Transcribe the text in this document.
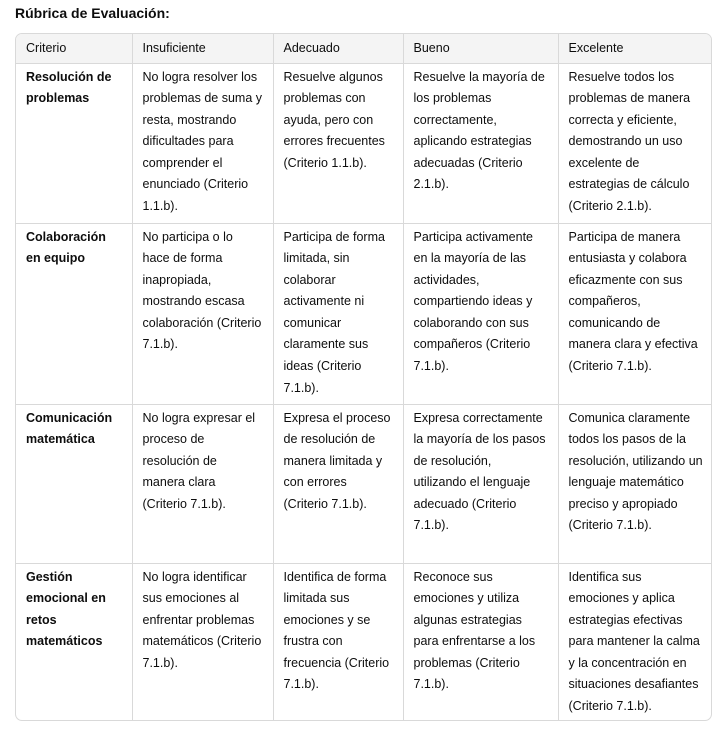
Rúbrica de Evaluación:
Criterio	Insuficiente	Adecuado	Bueno	Excelente
Resolución de problemas	No logra resolver los problemas de suma y resta, mostrando dificultades para comprender el enunciado (Criterio 1.1.b).	Resuelve algunos problemas con ayuda, pero con errores frecuentes (Criterio 1.1.b).	Resuelve la mayoría de los problemas correctamente, aplicando estrategias adecuadas (Criterio 2.1.b).	Resuelve todos los problemas de manera correcta y eficiente, demostrando un uso excelente de estrategias de cálculo (Criterio 2.1.b).
Colaboración en equipo	No participa o lo hace de forma inapropiada, mostrando escasa colaboración (Criterio 7.1.b).	Participa de forma limitada, sin colaborar activamente ni comunicar claramente sus ideas (Criterio 7.1.b).	Participa activamente en la mayoría de las actividades, compartiendo ideas y colaborando con sus compañeros (Criterio 7.1.b).	Participa de manera entusiasta y colabora eficazmente con sus compañeros, comunicando de manera clara y efectiva (Criterio 7.1.b).
Comunicación matemática	No logra expresar el proceso de resolución de manera clara (Criterio 7.1.b).	Expresa el proceso de resolución de manera limitada y con errores (Criterio 7.1.b).	Expresa correctamente la mayoría de los pasos de resolución, utilizando el lenguaje adecuado (Criterio 7.1.b).	Comunica claramente todos los pasos de la resolución, utilizando un lenguaje matemático preciso y apropiado (Criterio 7.1.b).
Gestión emocional en retos matemáticos	No logra identificar sus emociones al enfrentar problemas matemáticos (Criterio 7.1.b).	Identifica de forma limitada sus emociones y se frustra con frecuencia (Criterio 7.1.b).	Reconoce sus emociones y utiliza algunas estrategias para enfrentarse a los problemas (Criterio 7.1.b).	Identifica sus emociones y aplica estrategias efectivas para mantener la calma y la concentración en situaciones desafiantes (Criterio 7.1.b).
